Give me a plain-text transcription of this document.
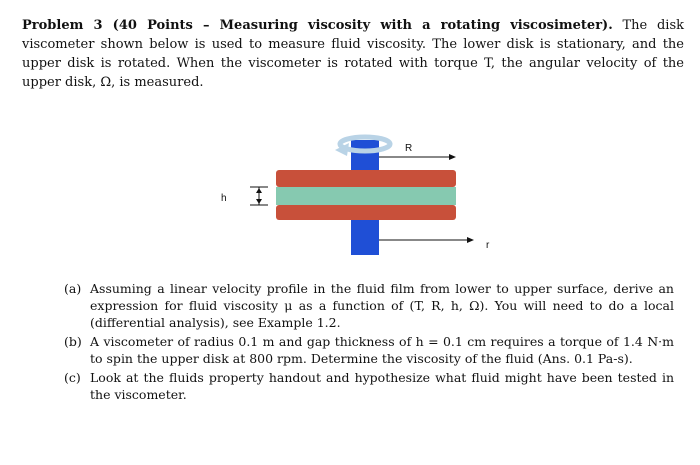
Problem 3 (40 Points – Measuring viscosity with a rotating viscosimeter). The disk viscometer shown below is used to measure fluid viscosity. The lower disk is stationary, and the upper disk is rotated. When the viscometer is rotated with torque T, the angular velocity of the upper disk, Ω, is measured.
R
h
r
(a) Assuming a linear velocity profile in the fluid film from lower to upper surface, derive an expression for fluid viscosity μ as a function of (T, R, h, Ω). You will need to do a local (differential analysis), see Example 1.2.
(b) A viscometer of radius 0.1 m and gap thickness of h = 0.1 cm requires a torque of 1.4 N·m to spin the upper disk at 800 rpm. Determine the viscosity of the fluid (Ans. 0.1 Pa-s).
(c) Look at the fluids property handout and hypothesize what fluid might have been tested in the viscometer.
